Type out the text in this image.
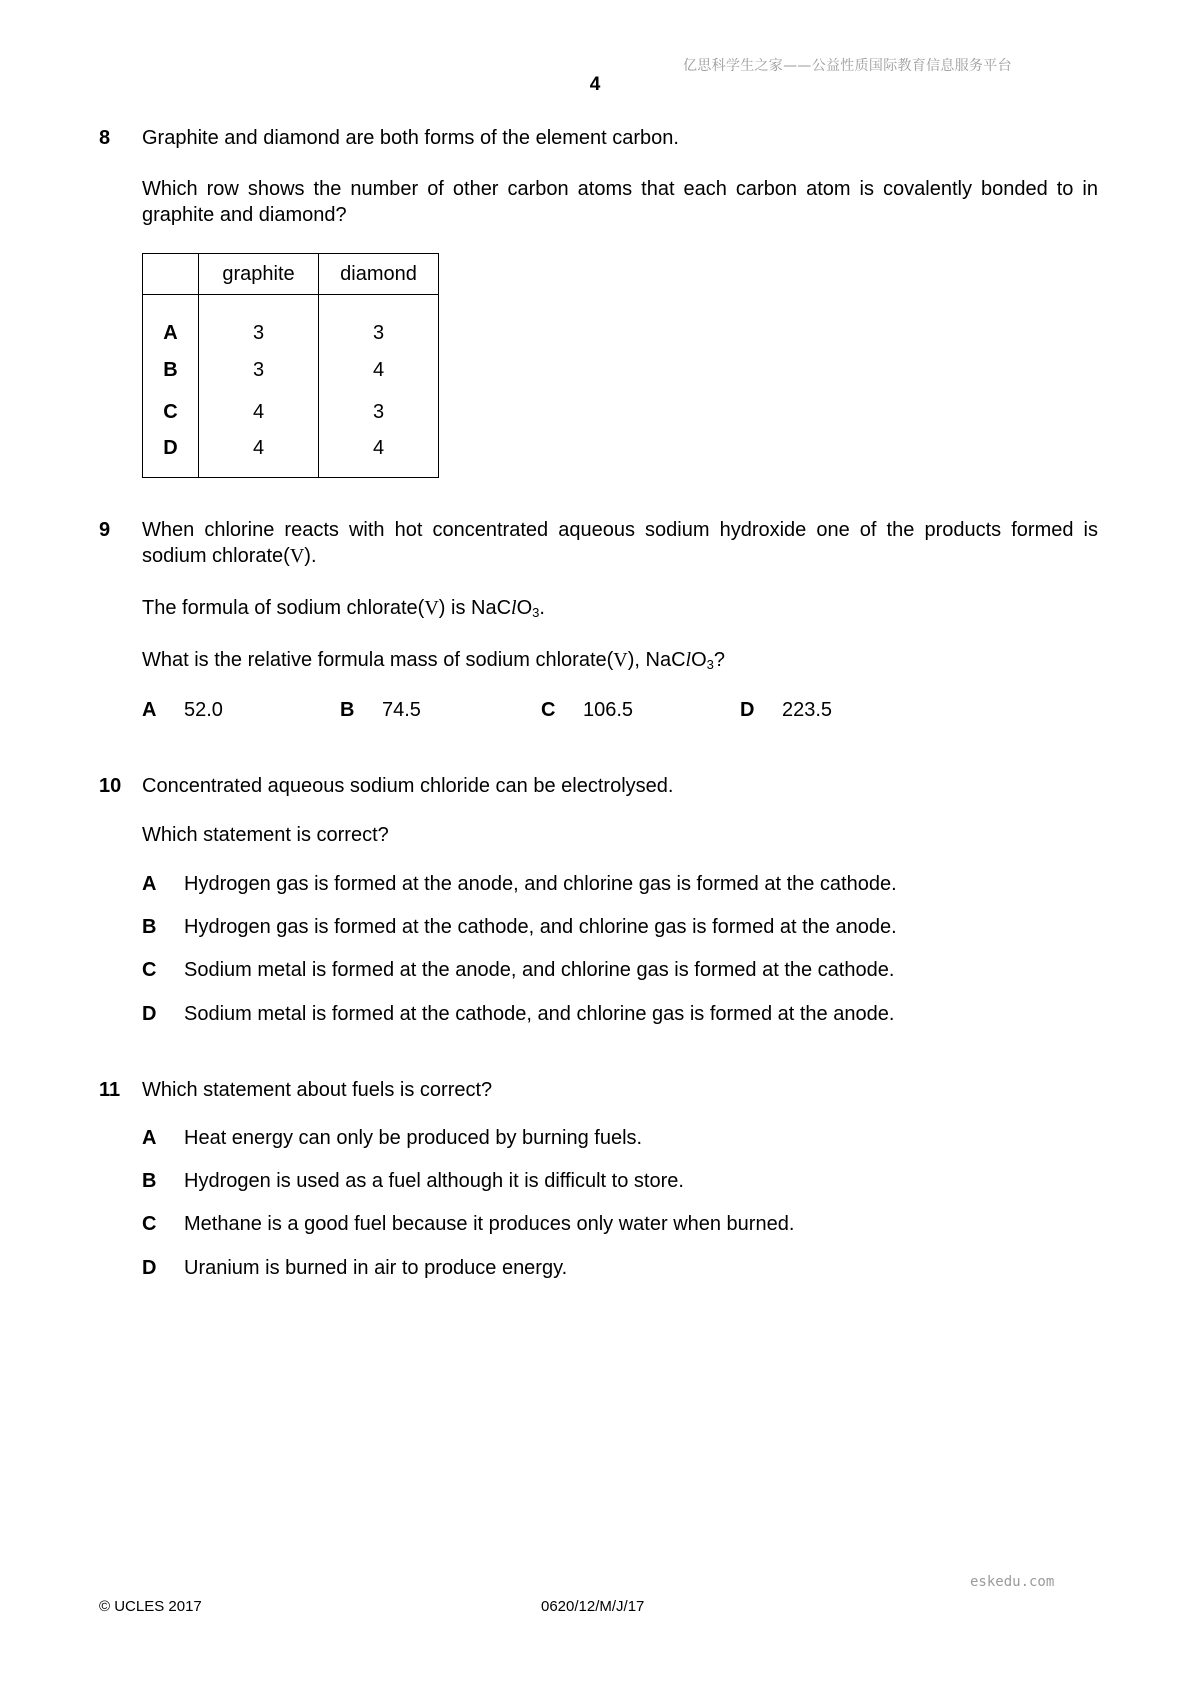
亿思科学生之家——公益性质国际教育信息服务平台
4
8 Graphite and diamond are both forms of the element carbon.
Which row shows the number of other carbon atoms that each carbon atom is covalently bonded to in graphite and diamond?
	graphite	diamond
A	3	3
B	3	4
C	4	3
D	4	4
9 When chlorine reacts with hot concentrated aqueous sodium hydroxide one of the products formed is sodium chlorate(V).
The formula of sodium chlorate(V) is NaClO$_3$.
What is the relative formula mass of sodium chlorate(V), NaClO$_3$?
A 52.0	B 74.5	C 106.5	D 223.5
10 Concentrated aqueous sodium chloride can be electrolysed.
Which statement is correct?
A Hydrogen gas is formed at the anode, and chlorine gas is formed at the cathode.
B Hydrogen gas is formed at the cathode, and chlorine gas is formed at the anode.
C Sodium metal is formed at the anode, and chlorine gas is formed at the cathode.
D Sodium metal is formed at the cathode, and chlorine gas is formed at the anode.
11 Which statement about fuels is correct?
A Heat energy can only be produced by burning fuels.
B Hydrogen is used as a fuel although it is difficult to store.
C Methane is a good fuel because it produces only water when burned.
D Uranium is burned in air to produce energy.
eskedu.com
© UCLES 2017	0620/12/M/J/17
